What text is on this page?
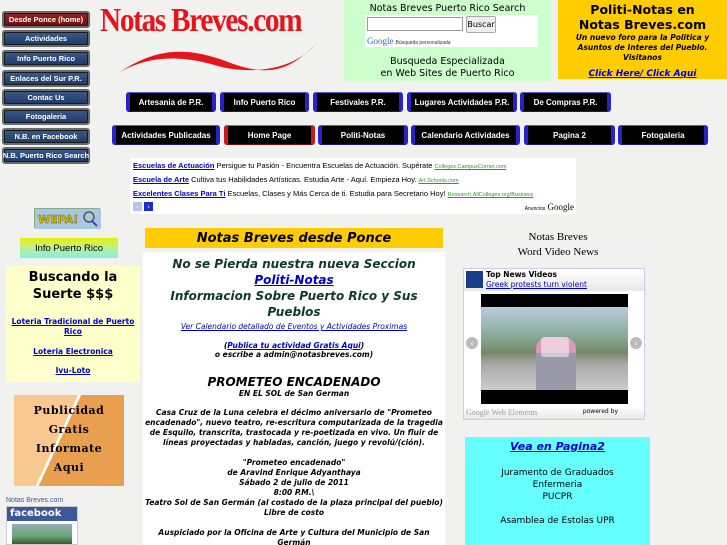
Desde Ponce (home)
Actividades
Info Puerto Rico
Enlaces del Sur P.R.
Contac Us
Fotogaleria
N.B. en Facebook
N.B. Puerto Rico Search
Notas Breves.com	Notas Breves Puerto Rico Search
Buscar
Google Búsqueda personalizada
Busqueda Especializada
en Web Sites de Puerto Rico
Politi-Notas en
Notas Breves.com
Un nuevo foro para la Politica y Asuntos de Interes del Pueblo. Visitanos
Click Here/ Click Aqui
Artesania de P.R.	Info Puerto Rico	Festivales P.R.	Lugares Actividades P.R.	De Compras P.R.
Actividades Publicadas	Home Page	Politi-Notas	Calendario Actividades	Pagina 2	Fotogaleria
Escuelas de Actuación Persigue tu Pasión - Encuentra Escuelas de Actuación. Supérate Colleges.CampusCorner.com
Escuela de Arte Cultiva tus Habilidades Artísticas. Estudia Arte - Aquí. Empieza Hoy. Art.Schools.com
Excelentes Clases Para Ti Escuelas, Clases y Más Cerca de ti. Estudia para Secretario Hoy! Research.AllColleges.org/Business
‹	›	Anuncios Google
WEPA!
Info Puerto Rico
Buscando la
Suerte $$$
Loteria Tradicional de Puerto Rico
Loteria Electronica
Ivu-Loto
Publicidad
Gratis
Informate
Aqui
Notas Breves.com
facebook
Notas Breves desde Ponce
No se Pierda nuestra nueva Seccion
Politi-Notas
Informacion Sobre Puerto Rico y Sus Pueblos
Ver Calendario detallado de Eventos y Actividades Proximas
(Publica tu actividad Gratis Aqui)
o escribe a admin@notasbreves.com)
PROMETEO ENCADENADO
EN EL SOL de San German
Casa Cruz de la Luna celebra el décimo aniversario de "Prometeo encadenado", nuevo teatro, re-escritura computarizada de la tragedia de Esquilo, transcrita, trastocada y re-poetizada en vivo. Un fluir de líneas proyectadas y habladas, canción, juego y revolú/(ción).
"Prometeo encadenado"
de Aravind Enrique Adyanthaya
Sábado 2 de julio de 2011
8:00 P.M.\
Teatro Sol de San Germán (al costado de la plaza principal del pueblo)
Libre de costo
Auspiciado por la Oficina de Arte y Cultura del Municipio de San Germán
Notas Breves
Word Video News
Top News Videos
Greek protests turn violent
‹	›
Google Web Elements	powered by
Vea en Pagina2
Juramento de Graduados
Enfermeria
PUCPR
Asamblea de Estolas UPR
